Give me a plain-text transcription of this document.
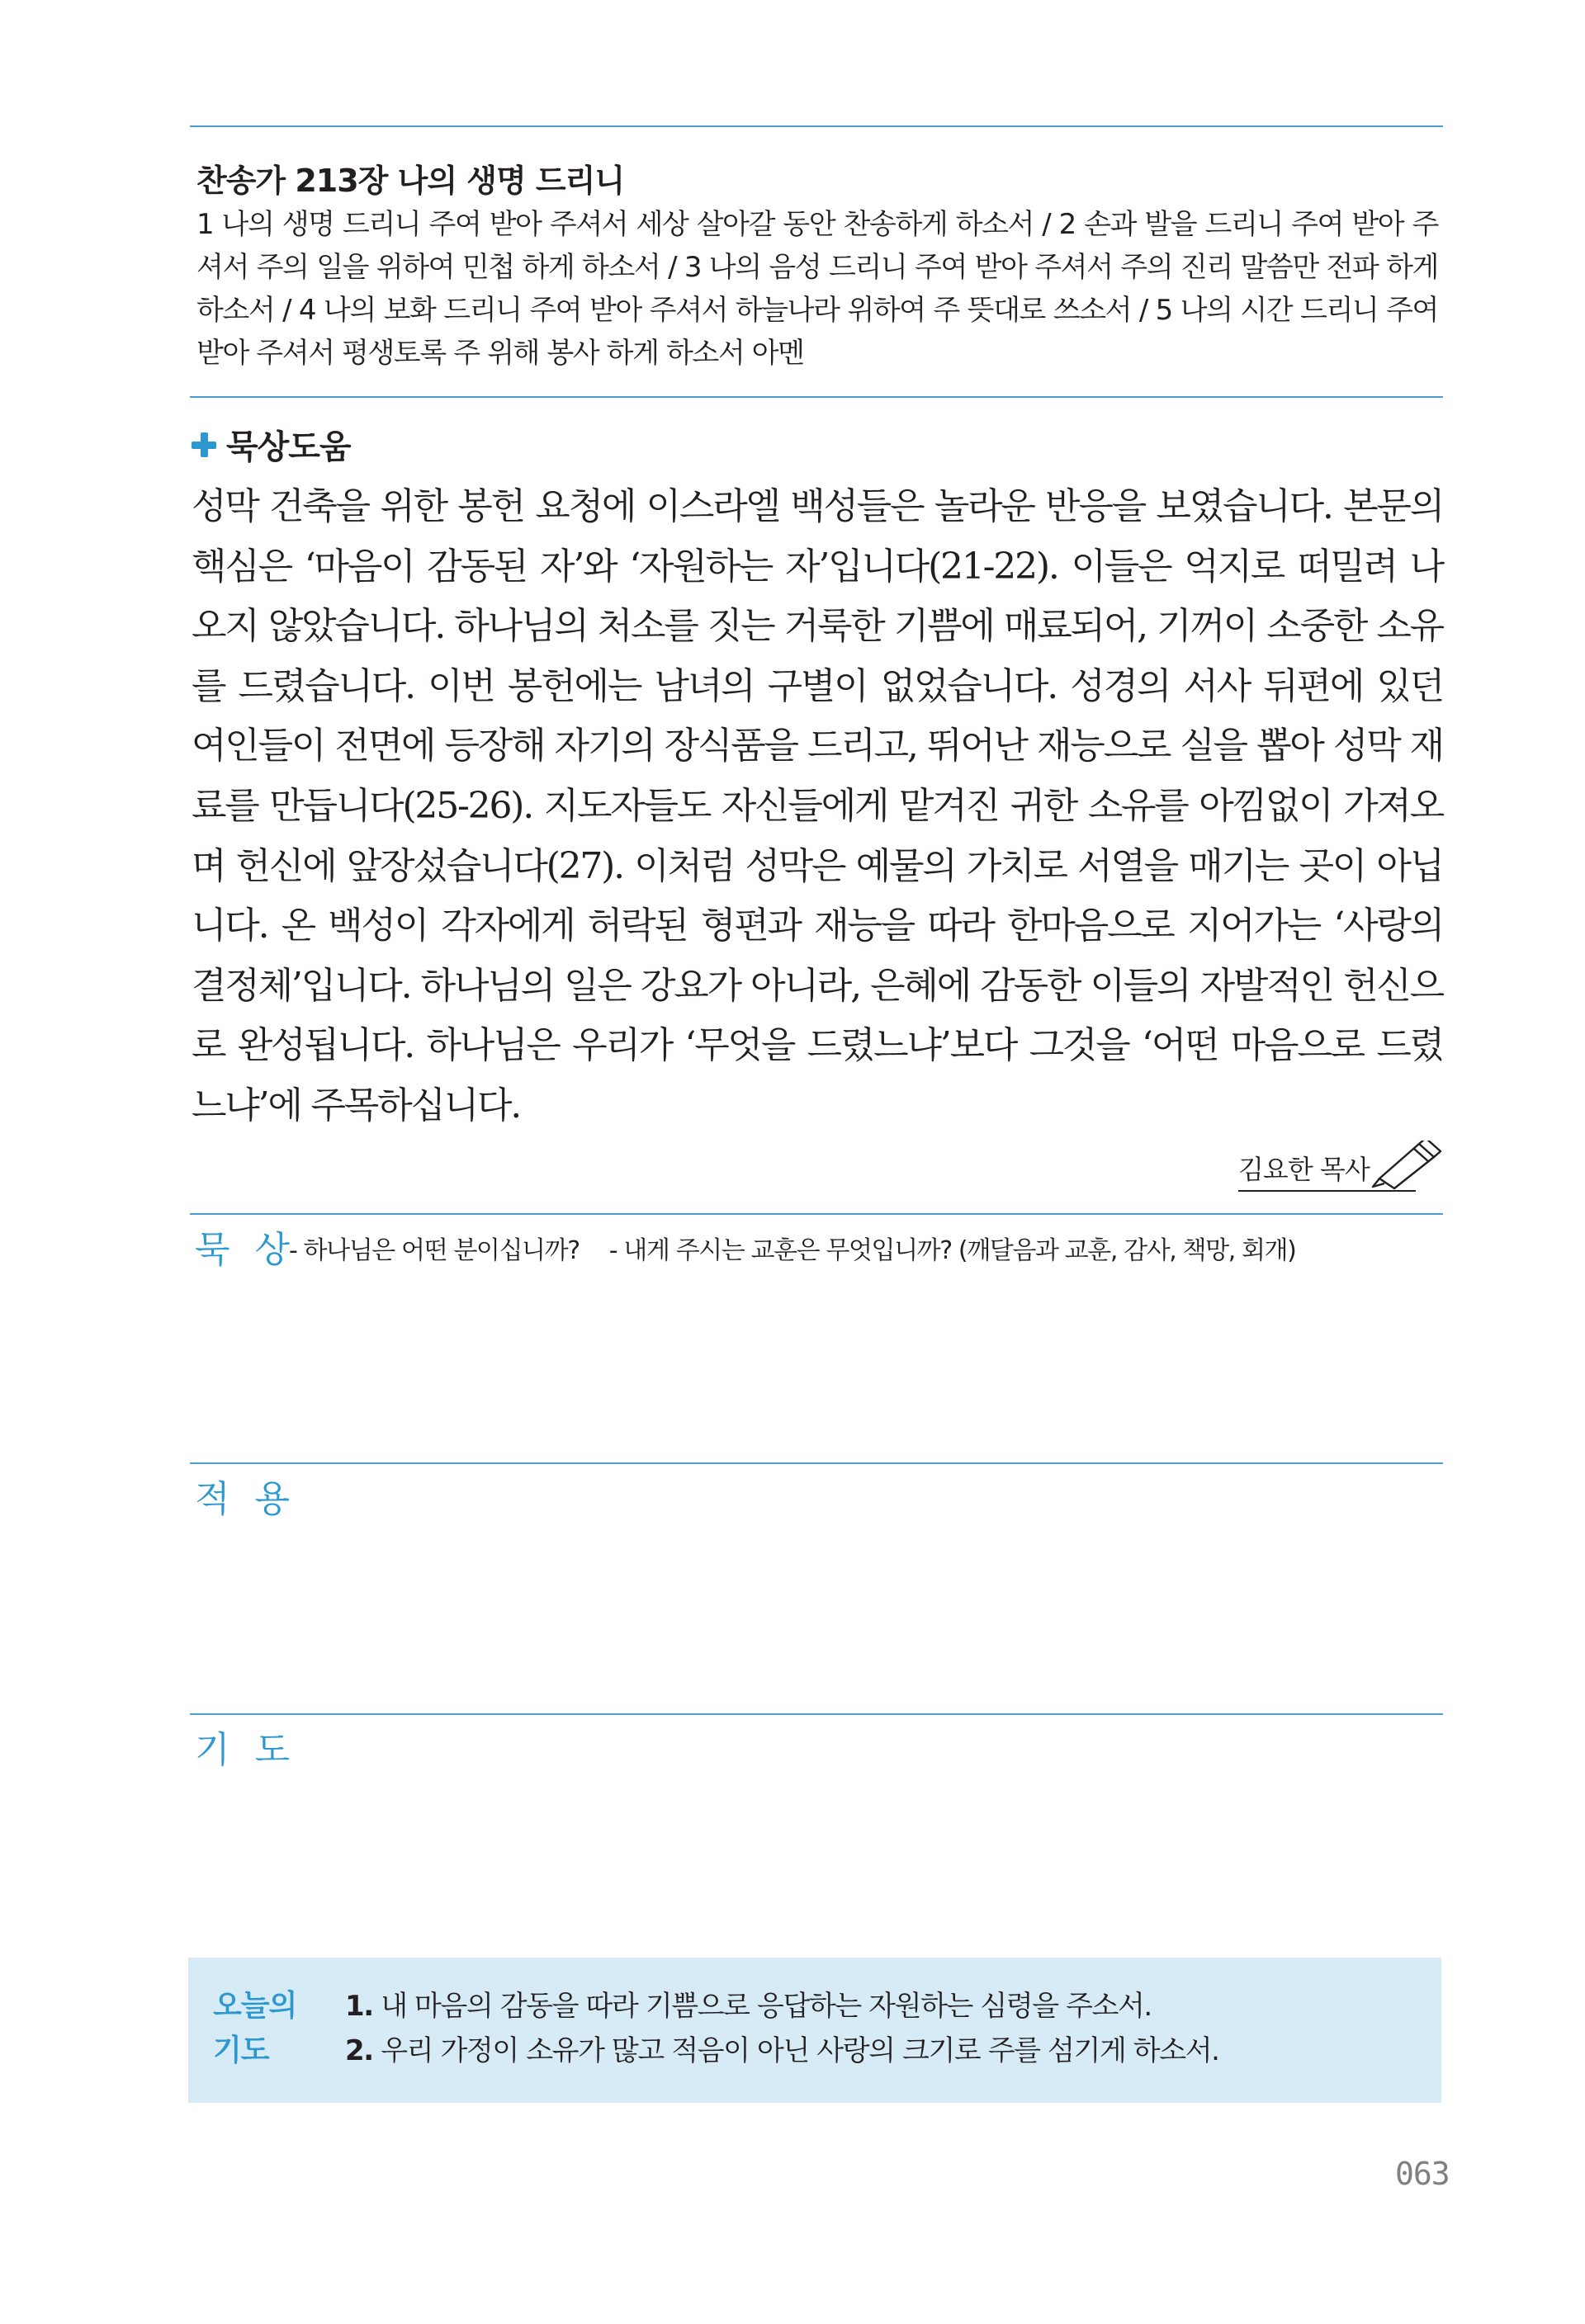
찬송가 213장 나의 생명 드리니
1 나의 생명 드리니 주여 받아 주셔서 세상 살아갈 동안 찬송하게 하소서 / 2 손과 발을 드리니 주여 받아 주셔서 주의 일을 위하여 민첩 하게 하소서 / 3 나의 음성 드리니 주여 받아 주셔서 주의 진리 말씀만 전파 하게 하소서 / 4 나의 보화 드리니 주여 받아 주셔서 하늘나라 위하여 주 뜻대로 쓰소서 / 5 나의 시간 드리니 주여 받아 주셔서 평생토록 주 위해 봉사 하게 하소서 아멘
묵상도움
성막 건축을 위한 봉헌 요청에 이스라엘 백성들은 놀라운 반응을 보였습니다. 본문의 핵심은 ‘마음이 감동된 자’와 ‘자원하는 자’입니다(21-22). 이들은 억지로 떠밀려 나오지 않았습니다. 하나님의 처소를 짓는 거룩한 기쁨에 매료되어, 기꺼이 소중한 소유를 드렸습니다. 이번 봉헌에는 남녀의 구별이 없었습니다. 성경의 서사 뒤편에 있던 여인들이 전면에 등장해 자기의 장식품을 드리고, 뛰어난 재능으로 실을 뽑아 성막 재료를 만듭니다(25-26). 지도자들도 자신들에게 맡겨진 귀한 소유를 아낌없이 가져오며 헌신에 앞장섰습니다(27). 이처럼 성막은 예물의 가치로 서열을 매기는 곳이 아닙니다. 온 백성이 각자에게 허락된 형편과 재능을 따라 한마음으로 지어가는 ‘사랑의 결정체’입니다. 하나님의 일은 강요가 아니라, 은혜에 감동한 이들의 자발적인 헌신으로 완성됩니다. 하나님은 우리가 ‘무엇을 드렸느냐’보다 그것을 ‘어떤 마음으로 드렸느냐’에 주목하십니다.
김요한 목사
묵 상
- 하나님은 어떤 분이십니까? - 내게 주시는 교훈은 무엇입니까? (깨달음과 교훈, 감사, 책망, 회개)
적 용
기 도
오늘의
기도
1. 내 마음의 감동을 따라 기쁨으로 응답하는 자원하는 심령을 주소서.
2. 우리 가정이 소유가 많고 적음이 아닌 사랑의 크기로 주를 섬기게 하소서.
063
